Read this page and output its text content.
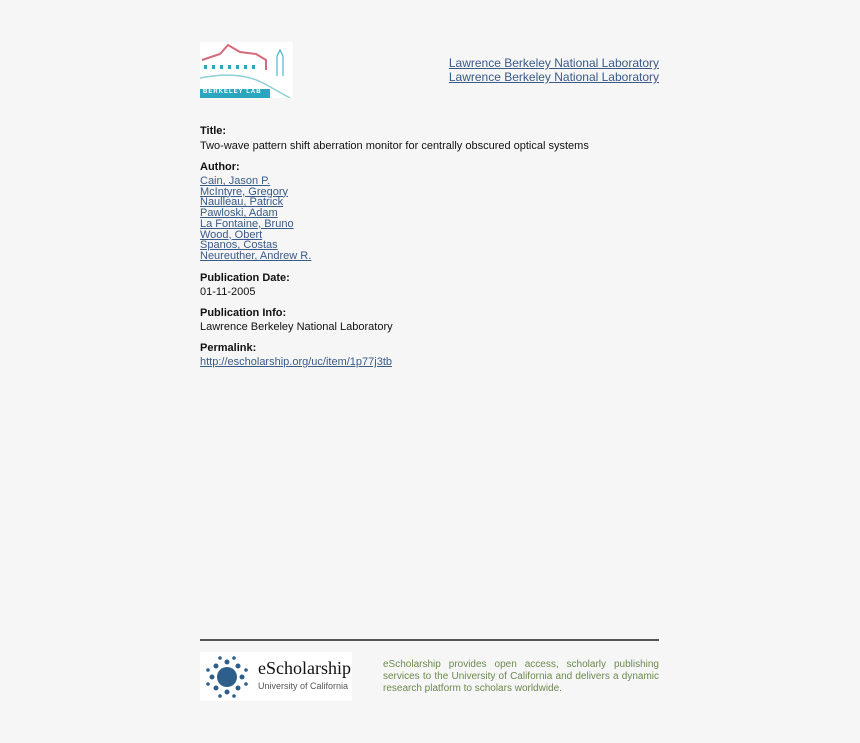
BERKELEY LAB
Lawrence Berkeley National Laboratory
Lawrence Berkeley National Laboratory
Title:
Two-wave pattern shift aberration monitor for centrally obscured optical systems
Author:
Cain, Jason P.
McIntyre, Gregory
Naulleau, Patrick
Pawloski, Adam
La Fontaine, Bruno
Wood, Obert
Spanos, Costas
Neureuther, Andrew R.
Publication Date:
01-11-2005
Publication Info:
Lawrence Berkeley National Laboratory
Permalink:
http://escholarship.org/uc/item/1p77j3tb
eScholarship
University of California
eScholarship provides open access, scholarly publishing services to the University of California and delivers a dynamic research platform to scholars worldwide.
